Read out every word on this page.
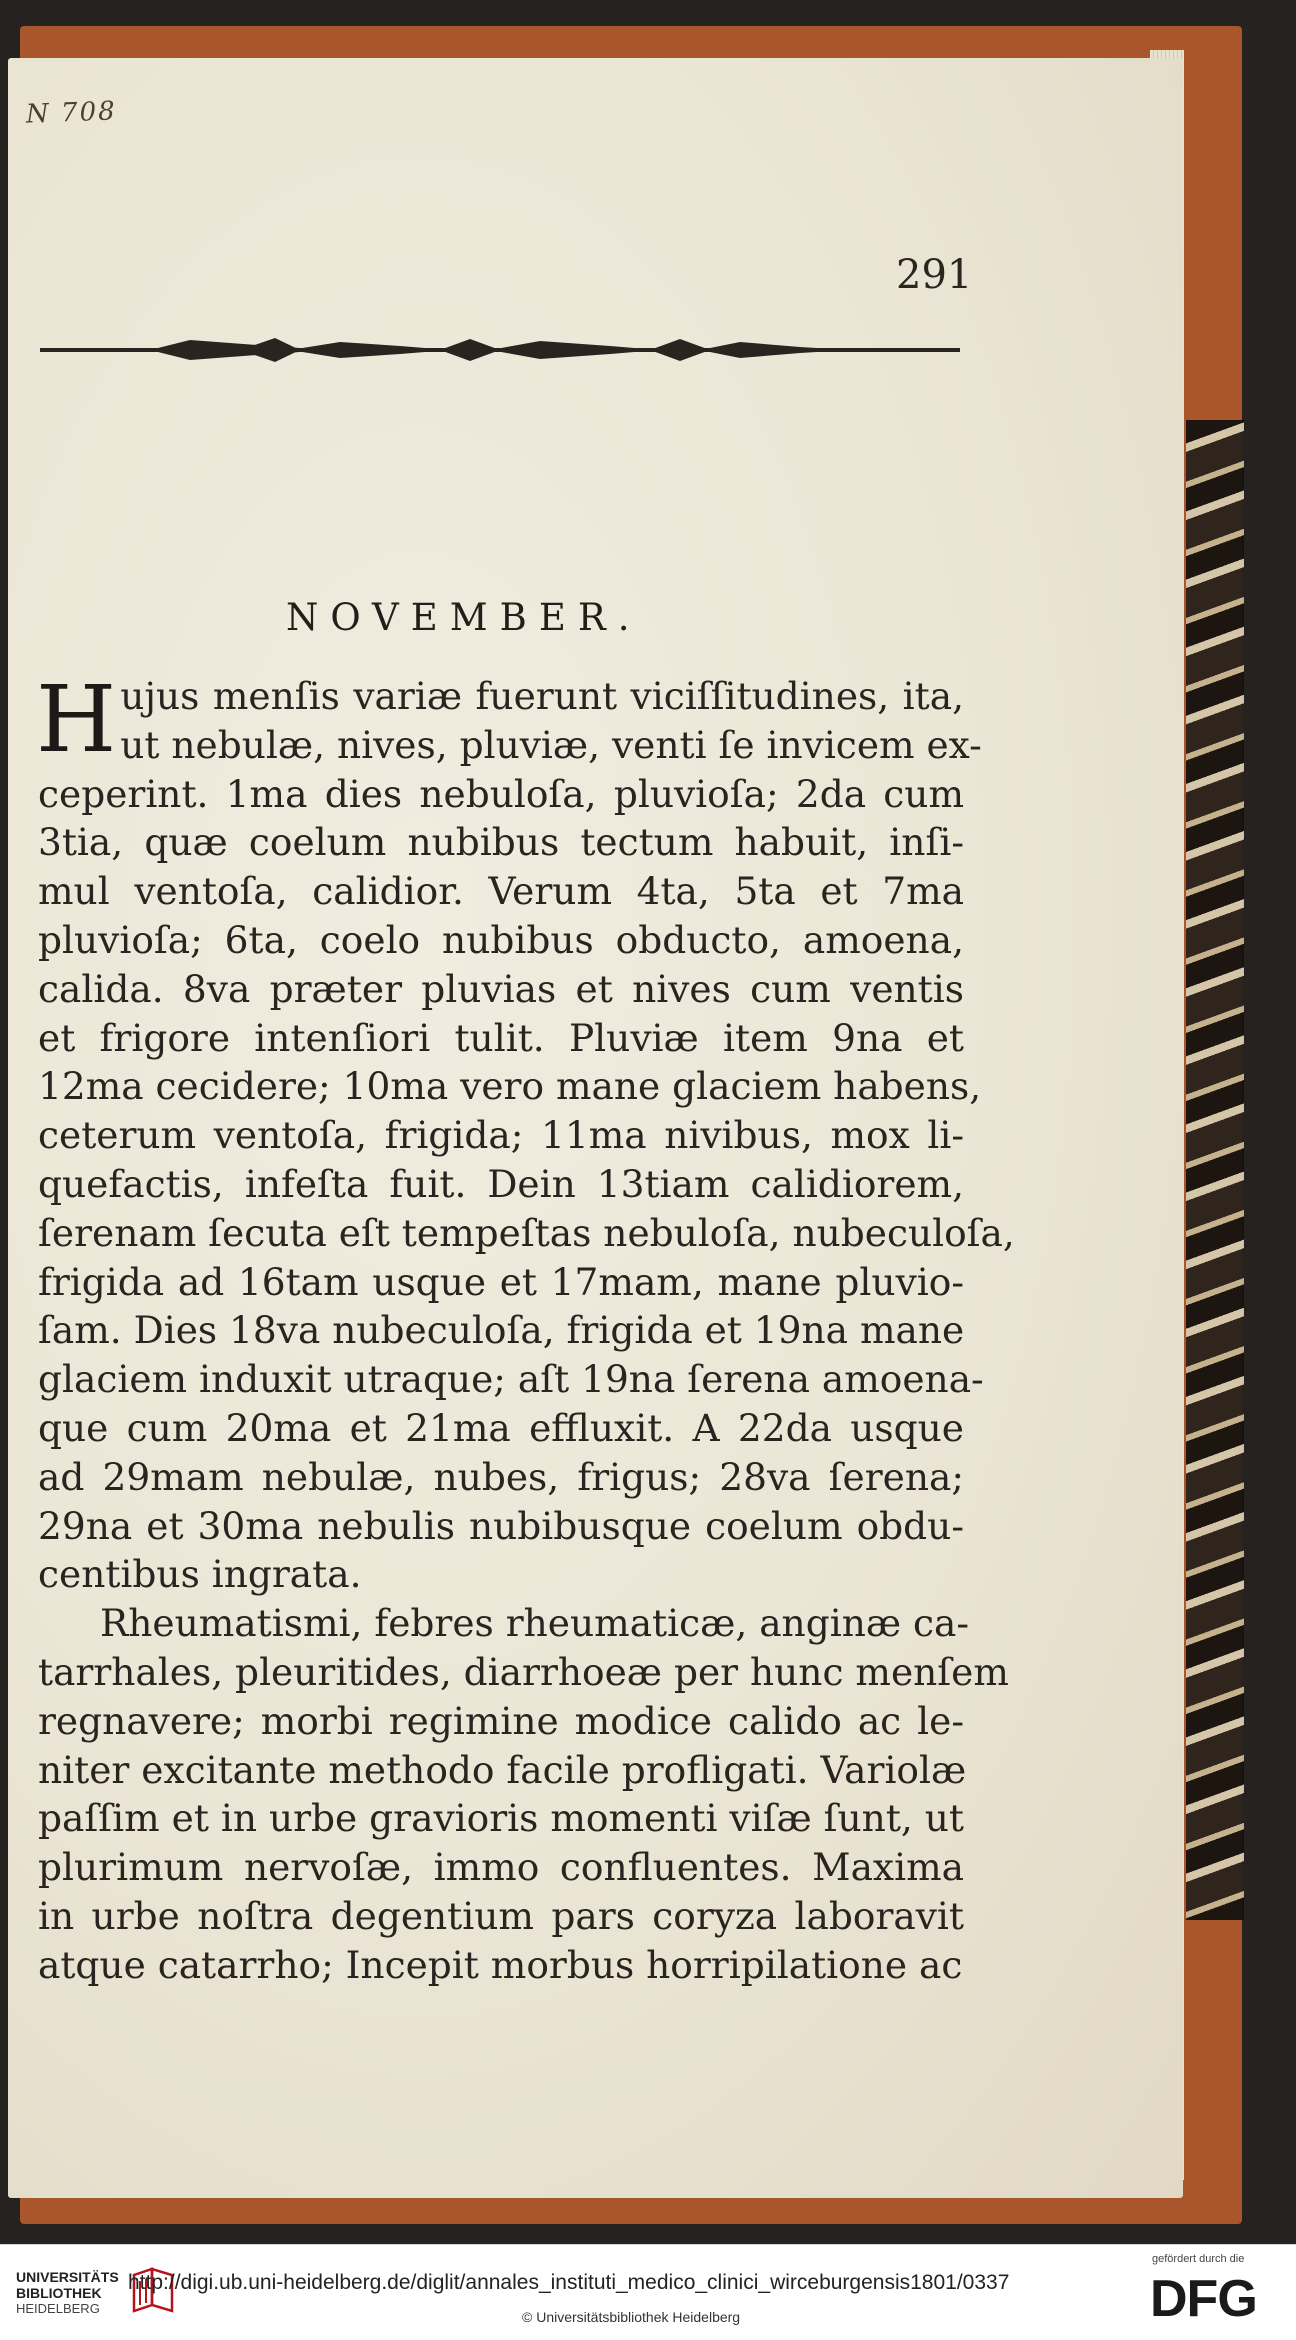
N 708
291
NOVEMBER.
H ujus menſis variæ fuerunt viciſſitudines, ita,
ut nebulæ, nives, pluviæ, venti ſe invicem ex-
ceperint. 1ma dies nebuloſa, pluvioſa; 2da cum
3tia, quæ coelum nubibus tectum habuit, inſi-
mul ventoſa, calidior. Verum 4ta, 5ta et 7ma
pluvioſa; 6ta, coelo nubibus obducto, amoena,
calida. 8va præter pluvias et nives cum ventis
et frigore intenſiori tulit. Pluviæ item 9na et
12ma cecidere; 10ma vero mane glaciem habens,
ceterum ventoſa, frigida; 11ma nivibus, mox li-
quefactis, infeſta fuit. Dein 13tiam calidiorem,
ſerenam ſecuta eſt tempeſtas nebuloſa, nubeculoſa,
frigida ad 16tam usque et 17mam, mane pluvio-
ſam. Dies 18va nubeculoſa, frigida et 19na mane
glaciem induxit utraque; aſt 19na ſerena amoena-
que cum 20ma et 21ma effluxit. A 22da usque
ad 29mam nebulæ, nubes, frigus; 28va ſerena;
29na et 30ma nebulis nubibusque coelum obdu-
centibus ingrata.
Rheumatismi, febres rheumaticæ, anginæ ca-
tarrhales, pleuritides, diarrhoeæ per hunc menſem
regnavere; morbi regimine modice calido ac le-
niter excitante methodo facile profligati. Variolæ
paſſim et in urbe gravioris momenti viſæ ſunt, ut
plurimum nervoſæ, immo confluentes. Maxima
in urbe noſtra degentium pars coryza laboravit
atque catarrho; Incepit morbus horripilatione ac
UNIVERSITÄTS
BIBLIOTHEK
HEIDELBERG
http://digi.ub.uni-heidelberg.de/diglit/annales_instituti_medico_clinici_wirceburgensis1801/0337
© Universitätsbibliothek Heidelberg
gefördert durch die
DFG
